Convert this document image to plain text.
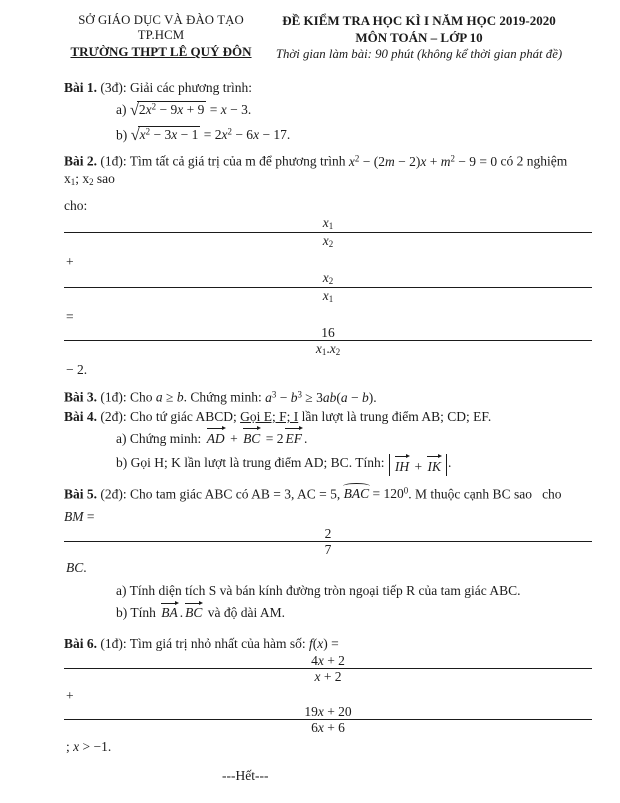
SỞ GIÁO DỤC VÀ ĐÀO TẠO TP.HCM
TRƯỜNG THPT LÊ QUÝ ĐÔN
ĐỀ KIỂM TRA HỌC KÌ I NĂM HỌC 2019-2020
MÔN TOÁN – LỚP 10
Thời gian làm bài: 90 phút (không kể thời gian phát đề)

Bài 1. (3đ): Giải các phương trình:

a) $√2x^2 - 9x + 9 = x - 3$.

b) $√x^2 - 3x - 1 = 2x^2 - 6x - 17$.

Bài 2. (1đ): Tìm tất cả giá trị của m để phương trình $x^2 - (2m - 2)x + m^2 - 9 = 0$ có 2 nghiệm x1; x2 sao

cho:
x1
x2
+
x2
x1
=
16
x1.x2
− 2.

Bài 3. (1đ): Cho a ≥ b. Chứng minh: $a^3 - b^3 \ge 3ab(a - b)$.

Bài 4. (2đ): Cho tứ giác ABCD; Gọi E; F; I lần lượt là trung điểm AB; CD; EF.

a) Chứng minh: AD + BC = 2 EF .

b) Gọi H; K lần lượt là trung điểm AD; BC. Tính: IH + IK .

Bài 5. (2đ): Cho tam giác ABC có AB = 3, AC = 5, BAC = $120^0$. M thuộc cạnh BC sao   cho

BM =
2
7
BC.

a) Tính diện tích S và bán kính đường tròn ngoại tiếp R của tam giác ABC.

b) Tính BA . BC và độ dài AM.

Bài 6. (1đ): Tìm giá trị nhỏ nhất của hàm số: f(x) =
4x + 2
x + 2
+
19x + 20
6x + 6
; x > −1.

---Hết---
